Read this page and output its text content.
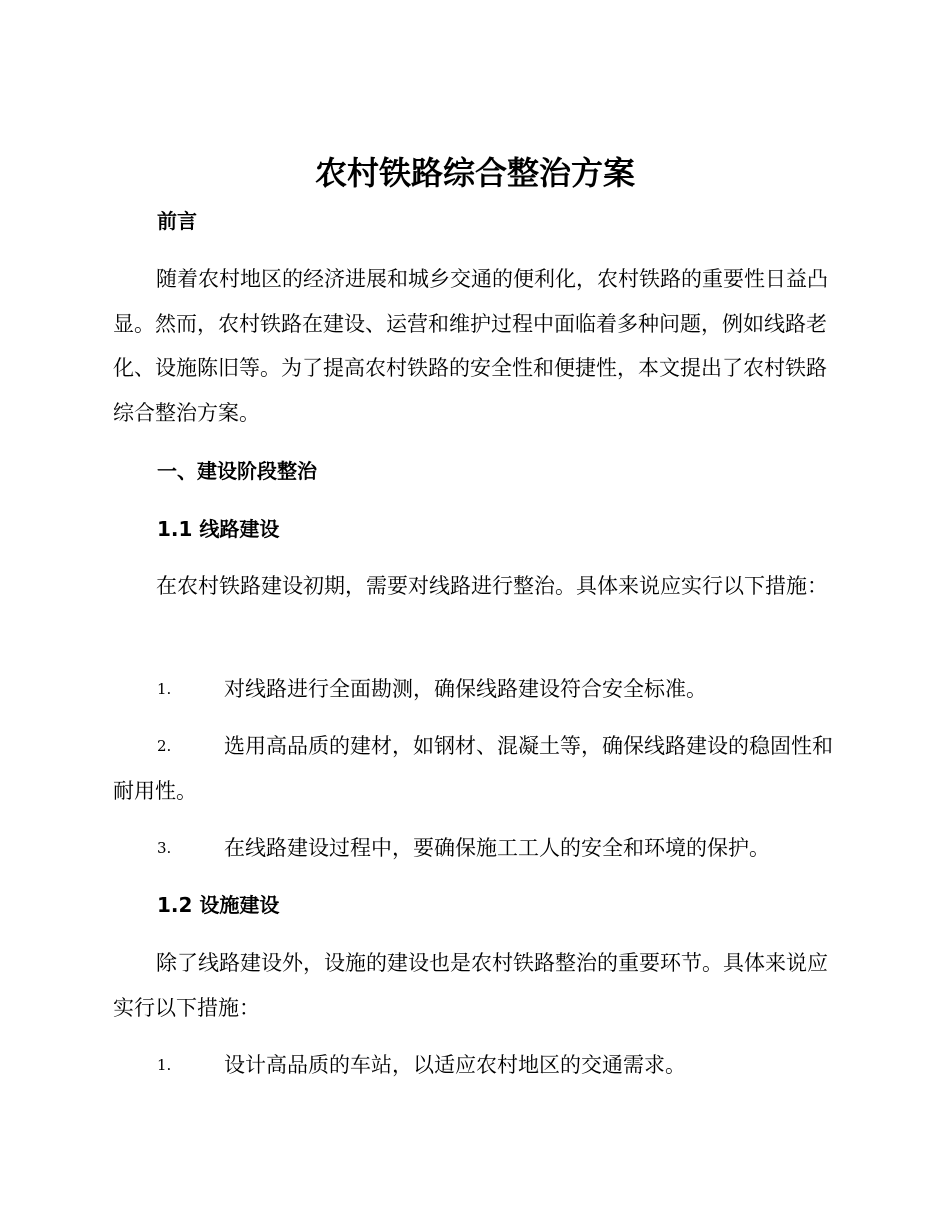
农村铁路综合整治方案
前言

随着农村地区的经济进展和城乡交通的便利化，农村铁路的重要性日益凸显。然而，农村铁路在建设、运营和维护过程中面临着多种问题，例如线路老化、设施陈旧等。为了提高农村铁路的安全性和便捷性，本文提出了农村铁路综合整治方案。

一、建设阶段整治
1.1 线路建设

在农村铁路建设初期，需要对线路进行整治。具体来说应实行以下措施：

1.	对线路进行全面勘测，确保线路建设符合安全标准。
2.	选用高品质的建材，如钢材、混凝土等，确保线路建设的稳固性和耐用性。
3.	在线路建设过程中，要确保施工工人的安全和环境的保护。
1.2 设施建设

除了线路建设外，设施的建设也是农村铁路整治的重要环节。具体来说应实行以下措施：

1.	设计高品质的车站，以适应农村地区的交通需求。
